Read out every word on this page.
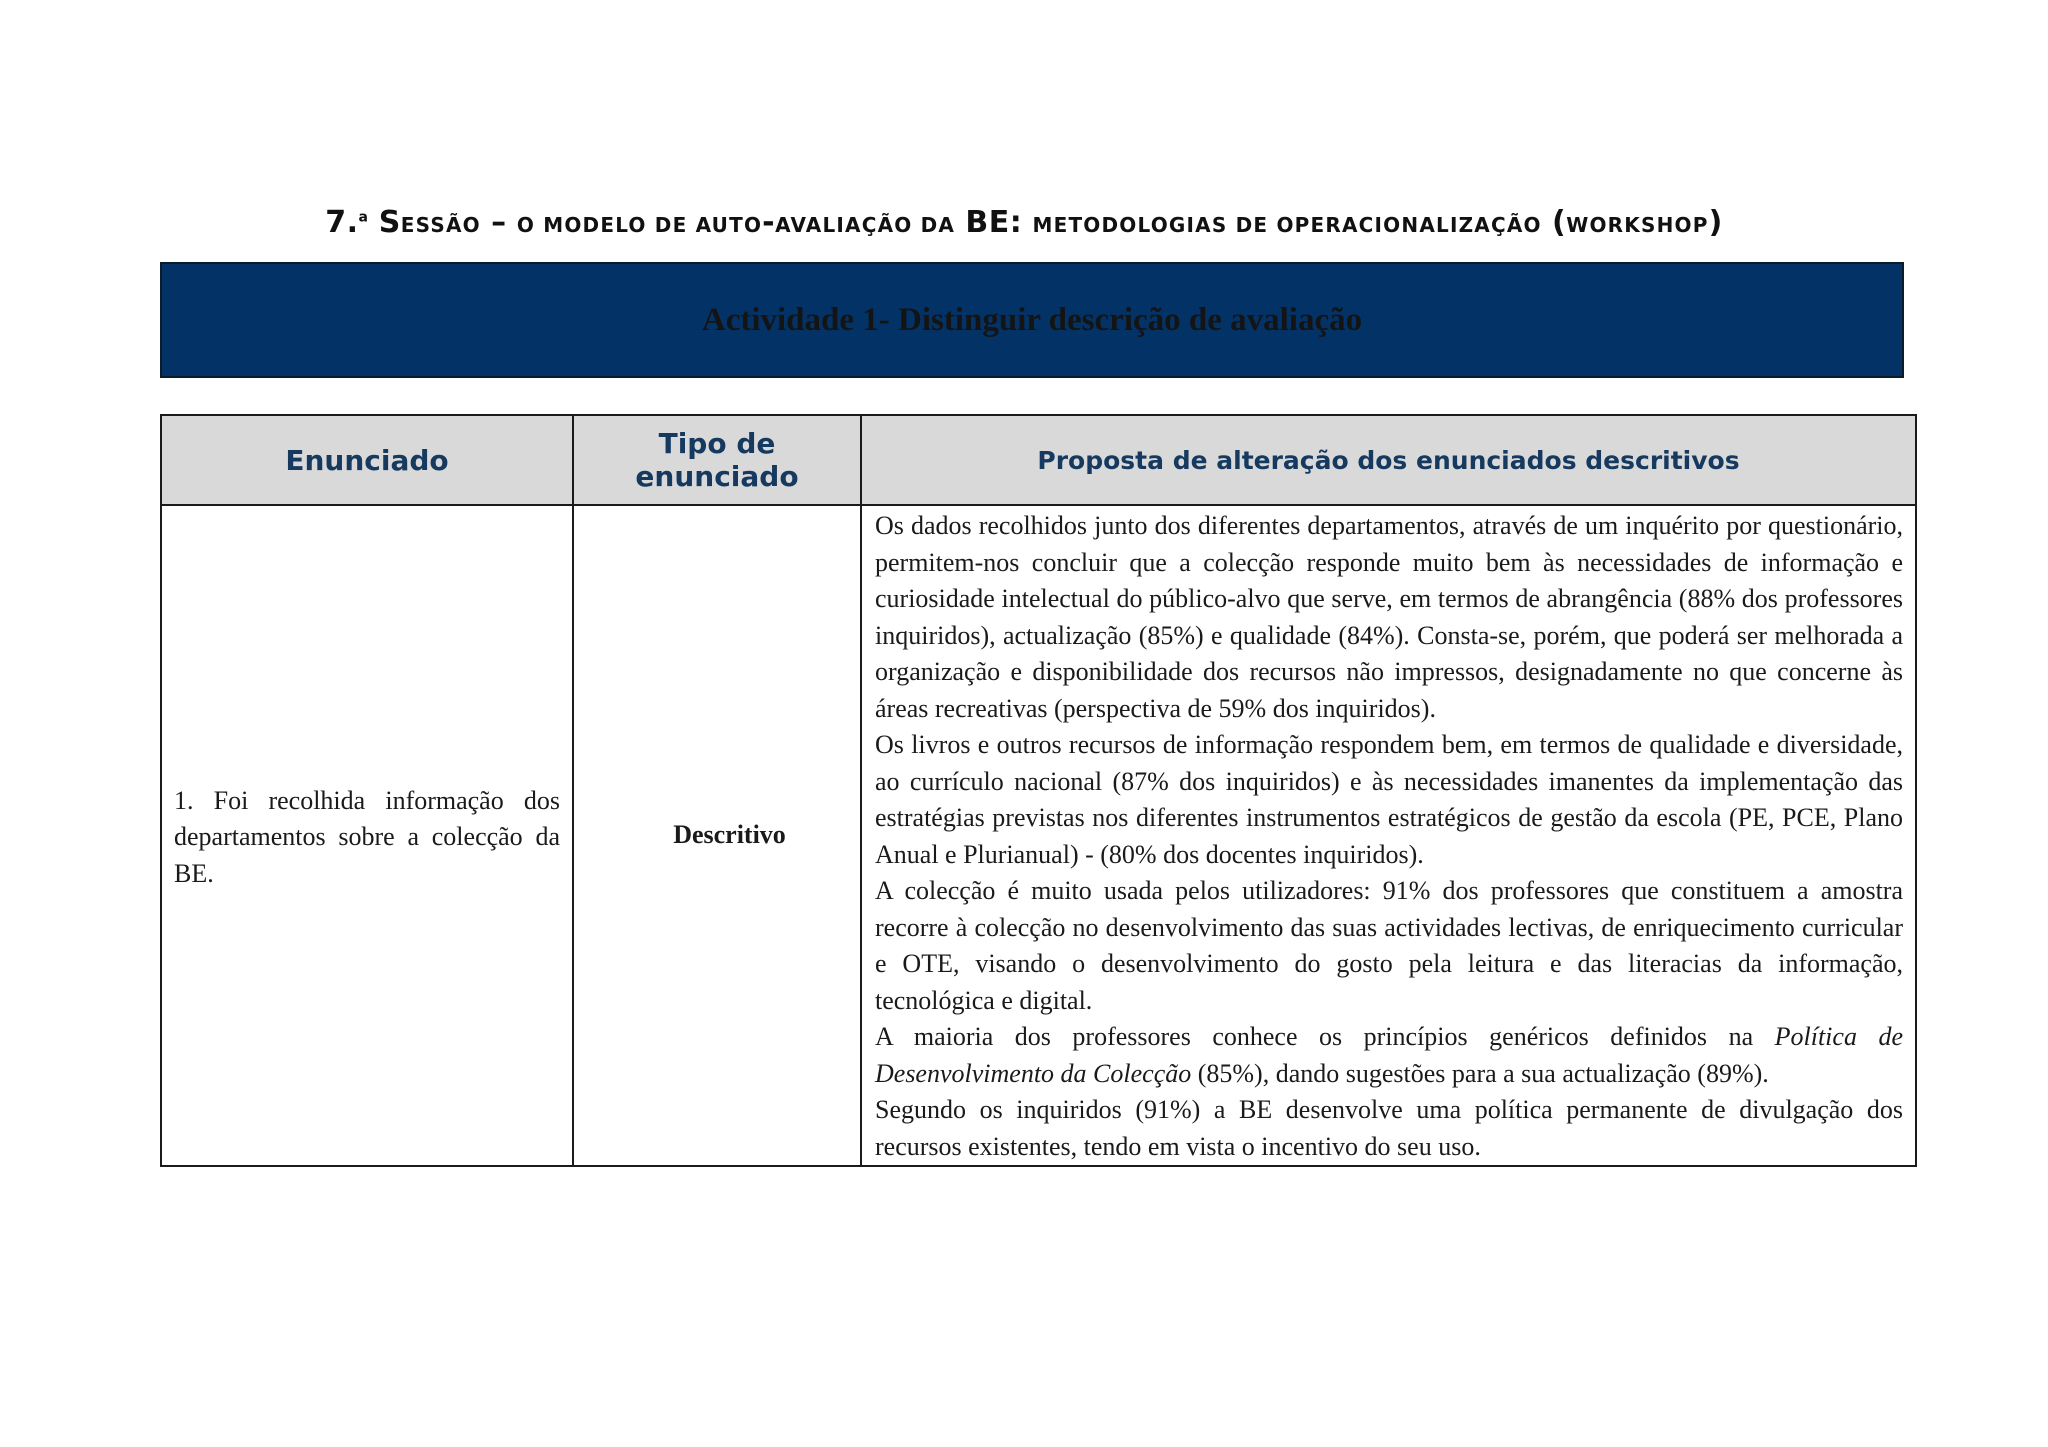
7.$^a$ SESSÃO – O MODELO DE AUTO-AVALIAÇÃO DA BE: METODOLOGIAS DE OPERACIONALIZAÇÃO (WORKSHOP)
Actividade 1- Distinguir descrição de avaliação
Enunciado	Tipo de enunciado	Proposta de alteração dos enunciados descritivos
1. Foi recolhida informação dos departamentos sobre a colecção da BE.	Descritivo	Os dados recolhidos junto dos diferentes departamentos, através de um inquérito por questionário, permitem-nos concluir que a colecção responde muito bem às necessidades de informação e curiosidade intelectual do público-alvo que serve, em termos de abrangência (88% dos professores inquiridos), actualização (85%) e qualidade (84%). Consta-se, porém, que poderá ser melhorada a organização e disponibilidade dos recursos não impressos, designadamente no que concerne às áreas recreativas (perspectiva de 59% dos inquiridos).

Os livros e outros recursos de informação respondem bem, em termos de qualidade e diversidade, ao currículo nacional (87% dos inquiridos) e às necessidades imanentes da implementação das estratégias previstas nos diferentes instrumentos estratégicos de gestão da escola (PE, PCE, Plano Anual e Plurianual) - (80% dos docentes inquiridos).

A colecção é muito usada pelos utilizadores: 91% dos professores que constituem a amostra recorre à colecção no desenvolvimento das suas actividades lectivas, de enriquecimento curricular e OTE, visando o desenvolvimento do gosto pela leitura e das literacias da informação, tecnológica e digital.

A maioria dos professores conhece os princípios genéricos definidos na Política de Desenvolvimento da Colecção (85%), dando sugestões para a sua actualização (89%).

Segundo os inquiridos (91%) a BE desenvolve uma política permanente de divulgação dos recursos existentes, tendo em vista o incentivo do seu uso.
